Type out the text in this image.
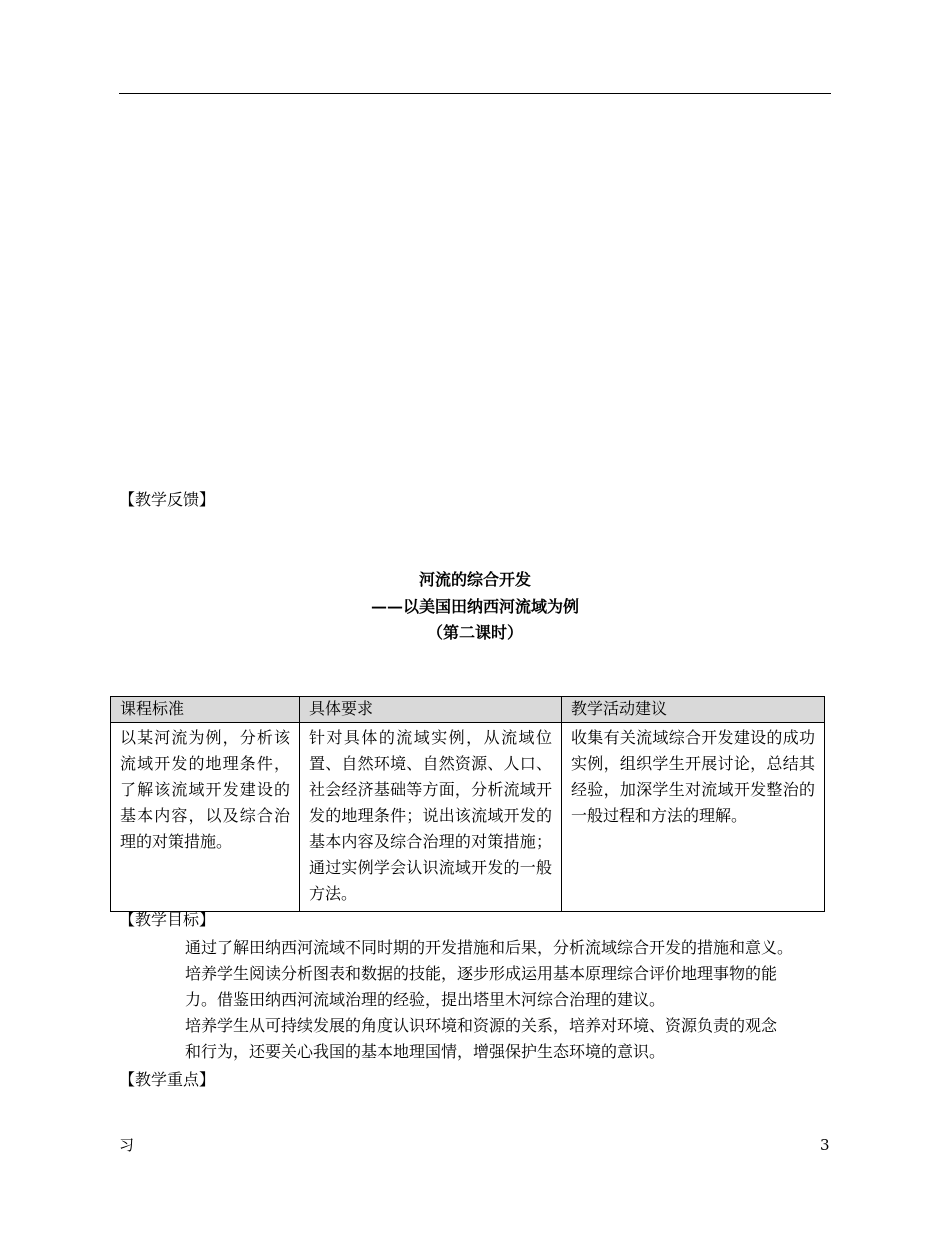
【教学反馈】
河流的综合开发
——以美国田纳西河流域为例
（第二课时）
课程标准	具体要求	教学活动建议

以某河流为例，分析该流域开发的地理条件，了解该流域开发建设的基本内容，以及综合治理的对策措施。	针对具体的流域实例，从流域位置、自然环境、自然资源、人口、社会经济基础等方面，分析流域开发的地理条件；说出该流域开发的基本内容及综合治理的对策措施；通过实例学会认识流域开发的一般方法。	收集有关流域综合开发建设的成功实例，组织学生开展讨论，总结其经验，加深学生对流域开发整治的一般过程和方法的理解。
【教学目标】
通过了解田纳西河流域不同时期的开发措施和后果，分析流域综合开发的措施和意义。
培养学生阅读分析图表和数据的技能，逐步形成运用基本原理综合评价地理事物的能
力。借鉴田纳西河流域治理的经验，提出塔里木河综合治理的建议。
培养学生从可持续发展的角度认识环境和资源的关系，培养对环境、资源负责的观念
和行为，还要关心我国的基本地理国情，增强保护生态环境的意识。
【教学重点】
习	3
